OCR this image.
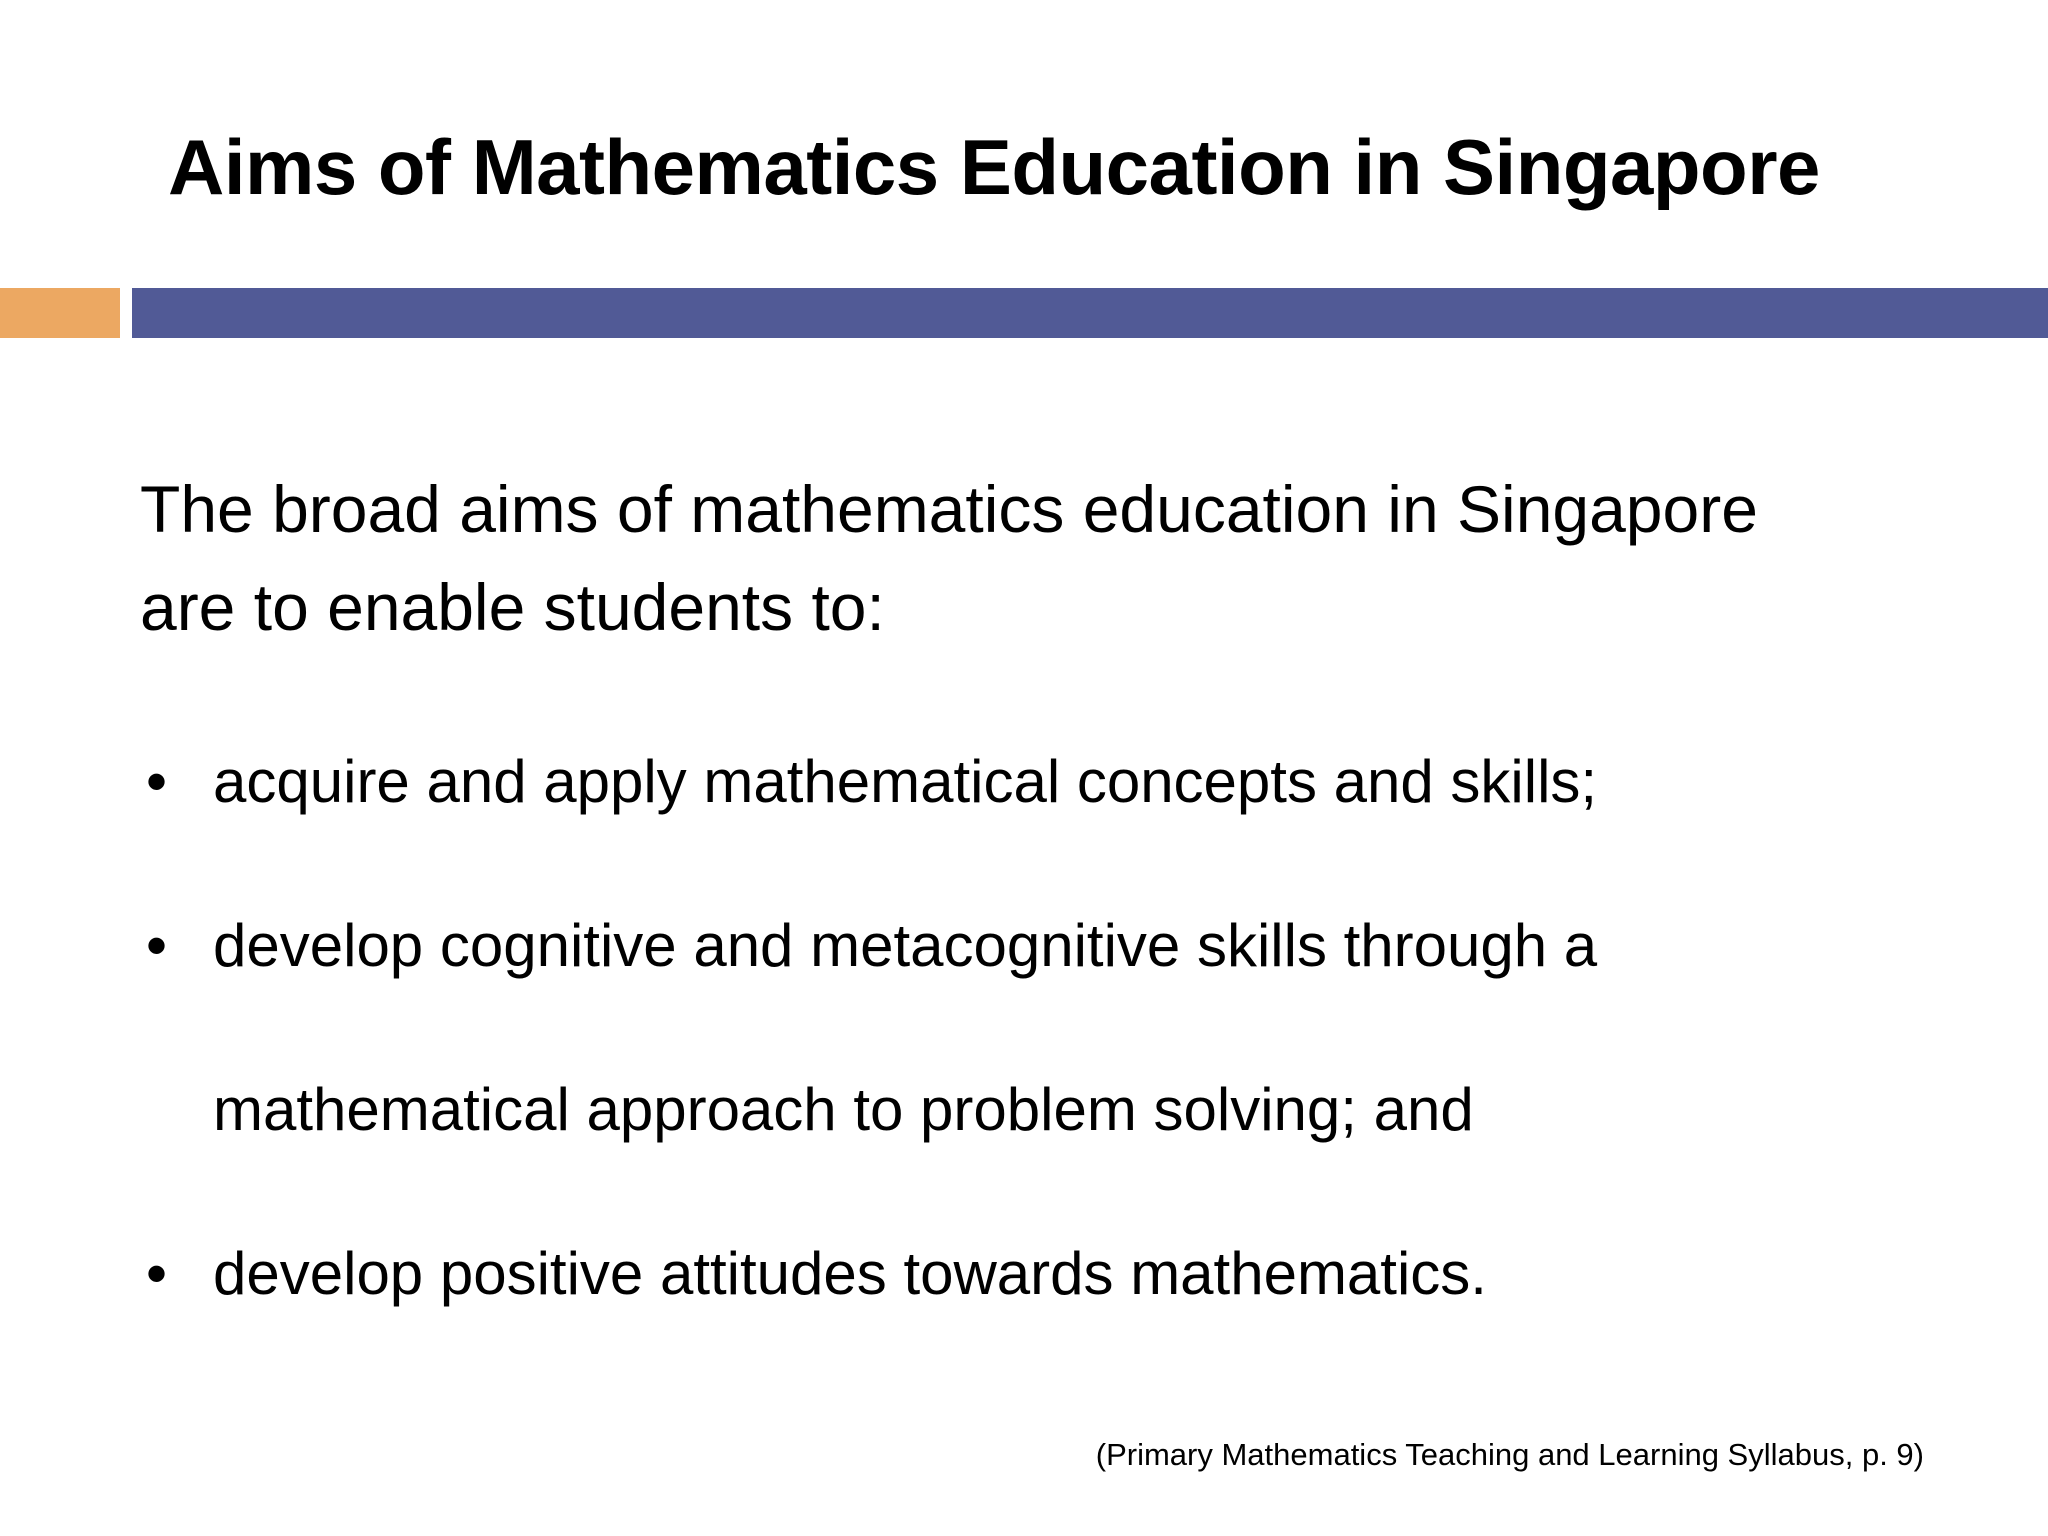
Aims of Mathematics Education in Singapore

The broad aims of mathematics education in Singapore are to enable students to:

• acquire and apply mathematical concepts and skills;
• develop cognitive and metacognitive skills through a mathematical approach to problem solving; and
• develop positive attitudes towards mathematics.
(Primary Mathematics Teaching and Learning Syllabus, p. 9)
